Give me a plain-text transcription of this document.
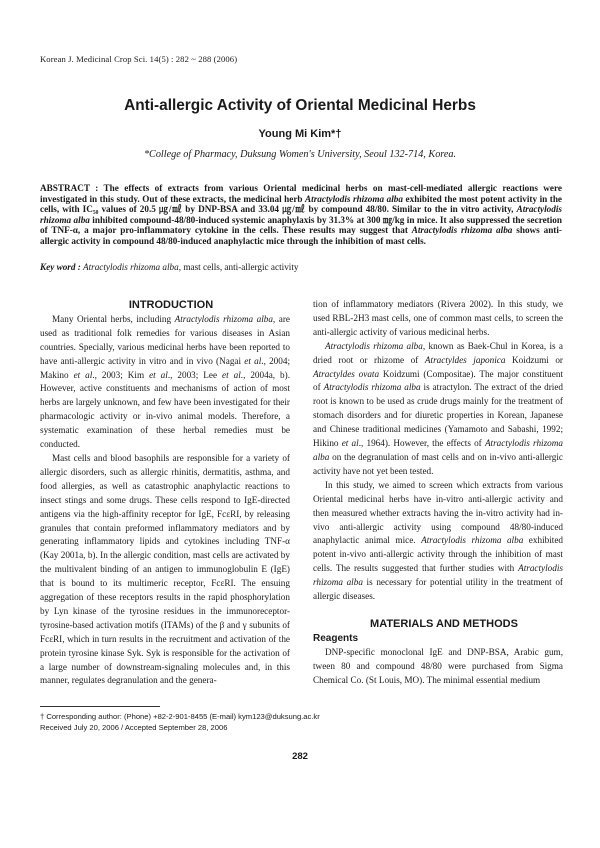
Korean J. Medicinal Crop Sci. 14(5) : 282 ~ 288 (2006)
Anti-allergic Activity of Oriental Medicinal Herbs
Young Mi Kim*†
*College of Pharmacy, Duksung Women's University, Seoul 132-714, Korea.
ABSTRACT : The effects of extracts from various Oriental medicinal herbs on mast-cell-mediated allergic reactions were investigated in this study. Out of these extracts, the medicinal herb Atractylodis rhizoma alba exhibited the most potent activity in the cells, with IC₅₀ values of 20.5 ㎍/㎖ by DNP-BSA and 33.04 ㎍/㎖ by compound 48/80. Similar to the in vitro activity, Atractylodis rhizoma alba inhibited compound-48/80-induced systemic anaphylaxis by 31.3% at 300 ㎎/kg in mice. It also suppressed the secretion of TNF-α, a major pro-inflammatory cytokine in the cells. These results may suggest that Atractylodis rhizoma alba shows anti-allergic activity in compound 48/80-induced anaphylactic mice through the inhibition of mast cells.
Key word : Atractylodis rhizoma alba, mast cells, anti-allergic activity

INTRODUCTION

Many Oriental herbs, including Atractylodis rhizoma alba, are used as traditional folk remedies for various diseases in Asian countries. Specially, various medicinal herbs have been reported to have anti-allergic activity in vitro and in vivo (Nagai et al., 2004; Makino et al., 2003; Kim et al., 2003; Lee et al., 2004a, b). However, active constituents and mechanisms of action of most herbs are largely unknown, and few have been investigated for their pharmacologic activity or in-vivo animal models. Therefore, a systematic examination of these herbal remedies must be conducted.

Mast cells and blood basophils are responsible for a variety of allergic disorders, such as allergic rhinitis, dermatitis, asthma, and food allergies, as well as catastrophic anaphylactic reactions to insect stings and some drugs. These cells respond to IgE-directed antigens via the high-affinity receptor for IgE, FcεRI, by releasing granules that contain preformed inflammatory mediators and by generating inflammatory lipids and cytokines including TNF-α (Kay 2001a, b). In the allergic condition, mast cells are activated by the multivalent binding of an antigen to immunoglobulin E (IgE) that is bound to its multimeric receptor, FcεRI. The ensuing aggregation of these receptors results in the rapid phosphorylation by Lyn kinase of the tyrosine residues in the immunoreceptor-tyrosine-based activation motifs (ITAMs) of the β and γ subunits of FcεRI, which in turn results in the recruitment and activation of the protein tyrosine kinase Syk. Syk is responsible for the activation of a large number of downstream-signaling molecules and, in this manner, regulates degranulation and the genera-

tion of inflammatory mediators (Rivera 2002). In this study, we used RBL-2H3 mast cells, one of common mast cells, to screen the anti-allergic activity of various medicinal herbs.

Atractylodis rhizoma alba, known as Baek-Chul in Korea, is a dried root or rhizome of Atractyldes japonica Koidzumi or Atractyldes ovata Koidzumi (Compositae). The major constituent of Atractylodis rhizoma alba is atractylon. The extract of the dried root is known to be used as crude drugs mainly for the treatment of stomach disorders and for diuretic properties in Korean, Japanese and Chinese traditional medicines (Yamamoto and Sabashi, 1992; Hikino et al., 1964). However, the effects of Atractylodis rhizoma alba on the degranulation of mast cells and on in-vivo anti-allergic activity have not yet been tested.

In this study, we aimed to screen which extracts from various Oriental medicinal herbs have in-vitro anti-allergic activity and then measured whether extracts having the in-vitro activity had in-vivo anti-allergic activity using compound 48/80-induced anaphylactic animal mice. Atractylodis rhizoma alba exhibited potent in-vivo anti-allergic activity through the inhibition of mast cells. The results suggested that further studies with Atractylodis rhizoma alba is necessary for potential utility in the treatment of allergic diseases.

MATERIALS AND METHODS

Reagents

DNP-specific monoclonal IgE and DNP-BSA, Arabic gum, tween 80 and compound 48/80 were purchased from Sigma Chemical Co. (St Louis, MO). The minimal essential medium

† Corresponding author: (Phone) +82-2-901-8455 (E-mail) kym123@duksung.ac.kr
Received July 20, 2006 / Accepted September 28, 2006
282
